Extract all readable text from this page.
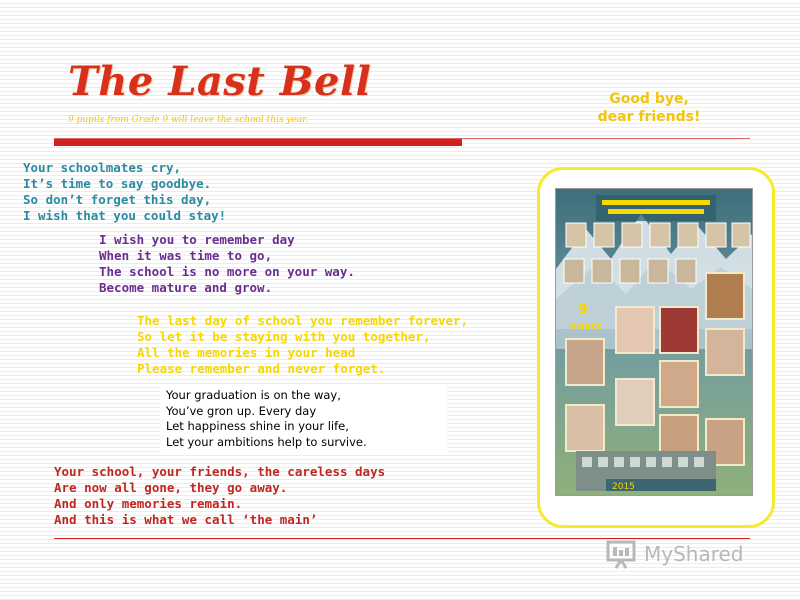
The Last Bell
9 pupils from Grade 9 will leave the school this year.
Good bye,
dear friends!
Your schoolmates cry,
It’s time to say goodbye.
So don’t forget this day,
I wish that you could stay!
I wish you to remember day
When it was time to go,
The school is no more on your way.
Become mature and grow.
The last day of school you remember forever,
So let it be staying with you together,
All the memories in your head
Please remember and never forget.
Your graduation is on the way,
You’ve gron up. Every day
Let happiness shine in your life,
Let your ambitions help to survive.
Your school, your friends, the careless days
Are now all gone, they go away.
And only memories remain.
And this is what we call ‘the main’
9
класс
2015
MyShared
